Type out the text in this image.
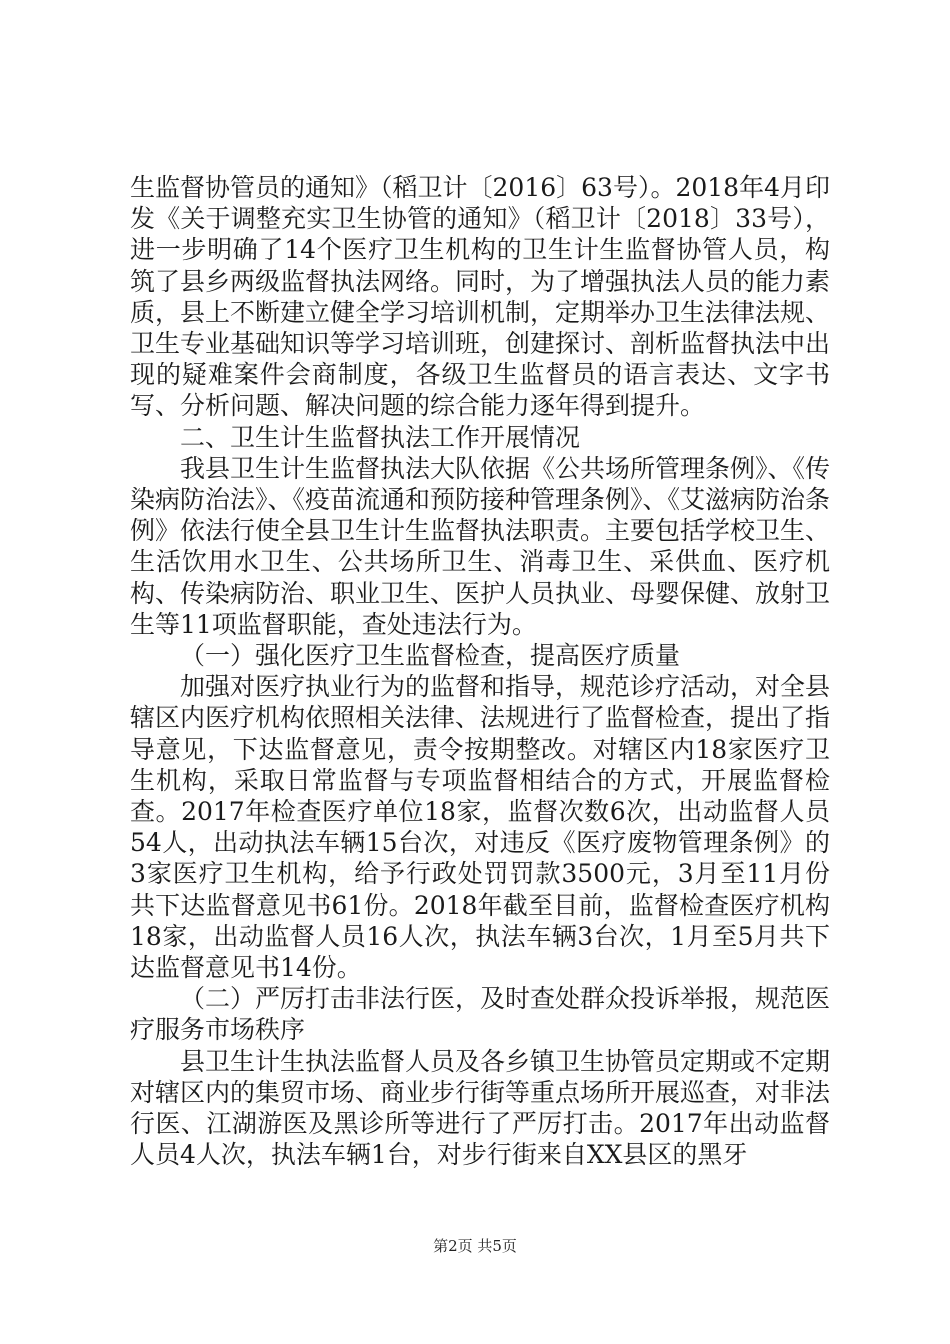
生监督协管员的通知》（稻卫计〔2016〕63号）。2018年4月印发《关于调整充实卫生协管的通知》（稻卫计〔2018〕33号），进一步明确了14个医疗卫生机构的卫生计生监督协管人员，构筑了县乡两级监督执法网络。同时，为了增强执法人员的能力素质，县上不断建立健全学习培训机制，定期举办卫生法律法规、卫生专业基础知识等学习培训班，创建探讨、剖析监督执法中出现的疑难案件会商制度，各级卫生监督员的语言表达、文字书写、分析问题、解决问题的综合能力逐年得到提升。

二、卫生计生监督执法工作开展情况

我县卫生计生监督执法大队依据《公共场所管理条例》、《传染病防治法》、《疫苗流通和预防接种管理条例》、《艾滋病防治条例》依法行使全县卫生计生监督执法职责。主要包括学校卫生、生活饮用水卫生、公共场所卫生、消毒卫生、采供血、医疗机构、传染病防治、职业卫生、医护人员执业、母婴保健、放射卫生等11项监督职能，查处违法行为。

（一）强化医疗卫生监督检查，提高医疗质量

加强对医疗执业行为的监督和指导，规范诊疗活动，对全县辖区内医疗机构依照相关法律、法规进行了监督检查，提出了指导意见，下达监督意见，责令按期整改。对辖区内18家医疗卫生机构，采取日常监督与专项监督相结合的方式，开展监督检查。2017年检查医疗单位18家，监督次数6次，出动监督人员54人，出动执法车辆15台次，对违反《医疗废物管理条例》的3家医疗卫生机构，给予行政处罚罚款3500元，3月至11月份共下达监督意见书61份。2018年截至目前，监督检查医疗机构18家，出动监督人员16人次，执法车辆3台次，1月至5月共下达监督意见书14份。

（二）严厉打击非法行医，及时查处群众投诉举报，规范医疗服务市场秩序

县卫生计生执法监督人员及各乡镇卫生协管员定期或不定期对辖区内的集贸市场、商业步行街等重点场所开展巡查，对非法行医、江湖游医及黑诊所等进行了严厉打击。2017年出动监督人员4人次，执法车辆1台，对步行街来自XX县区的黑牙

第2页 共5页
